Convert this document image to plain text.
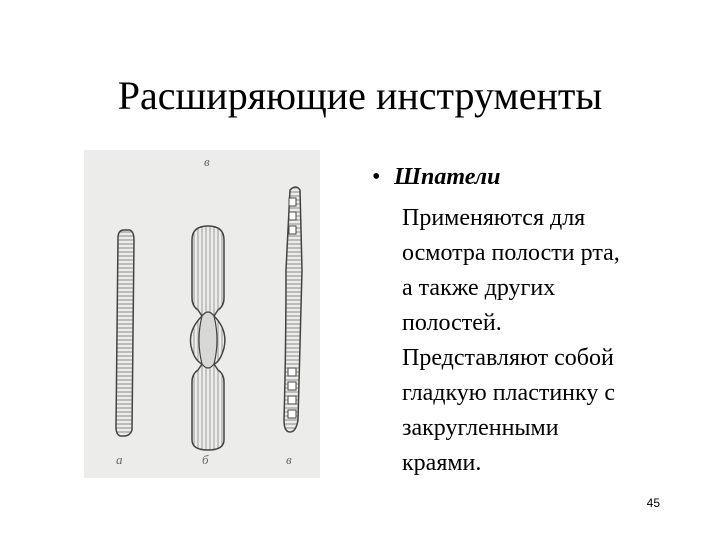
Расширяющие инструменты
в
а	б	в
• Шпатели
Применяются для
осмотра полости рта,
а также других
полостей.
Представляют собой
гладкую пластинку с
закругленными
краями.
45
